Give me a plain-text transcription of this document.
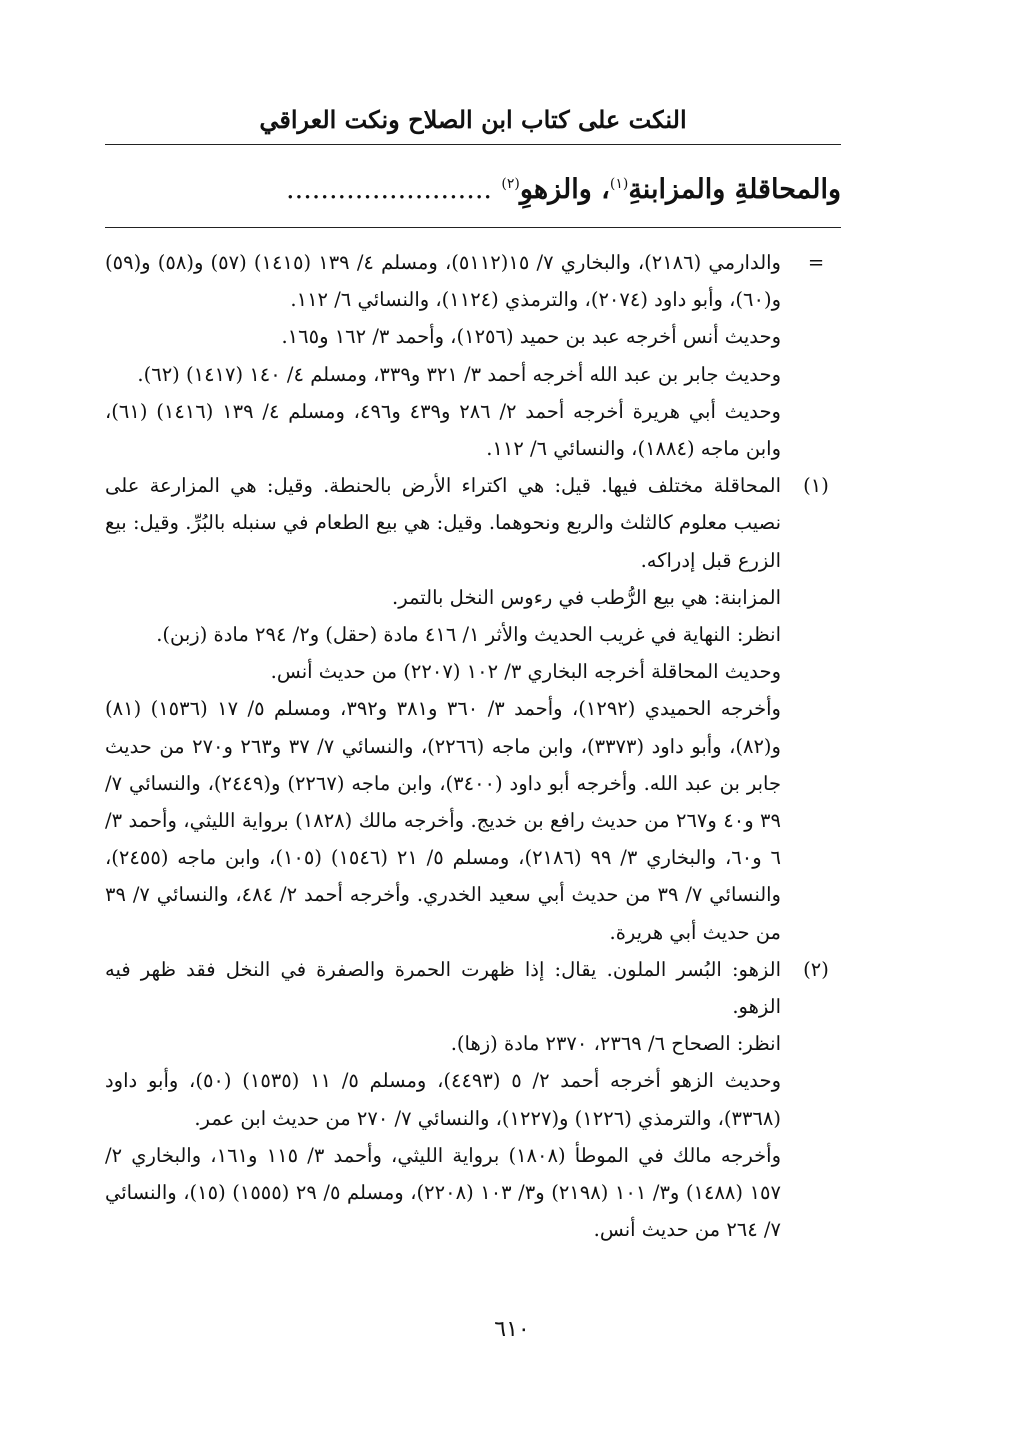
النكت على كتاب ابن الصلاح ونكت العراقي
والمحاقلةِ والمزابنةِ$^{(١)}$، والزهوِ$^{(٢)}$ ........................
=

والدارمي (٢١٨٦)، والبخاري ٧/ ١٥(٥١١٢)، ومسلم ٤/ ١٣٩ (١٤١٥) (٥٧) و(٥٨) و(٥٩) و(٦٠)، وأبو داود (٢٠٧٤)، والترمذي (١١٢٤)، والنسائي ٦/ ١١٢.

وحديث أنس أخرجه عبد بن حميد (١٢٥٦)، وأحمد ٣/ ١٦٢ و١٦٥.

وحديث جابر بن عبد الله أخرجه أحمد ٣/ ٣٢١ و٣٣٩، ومسلم ٤/ ١٤٠ (١٤١٧) (٦٢).

وحديث أبي هريرة أخرجه أحمد ٢/ ٢٨٦ و٤٣٩ و٤٩٦، ومسلم ٤/ ١٣٩ (١٤١٦) (٦١)، وابن ماجه (١٨٨٤)، والنسائي ٦/ ١١٢.

(١)

المحاقلة مختلف فيها. قيل: هي اكتراء الأرض بالحنطة. وقيل: هي المزارعة على نصيب معلوم كالثلث والربع ونحوهما. وقيل: هي بيع الطعام في سنبله بالبُرِّ. وقيل: بيع الزرع قبل إدراكه.

المزابنة: هي بيع الرُّطب في رءوس النخل بالتمر.

انظر: النهاية في غريب الحديث والأثر ١/ ٤١٦ مادة (حقل) و٢/ ٢٩٤ مادة (زبن).

وحديث المحاقلة أخرجه البخاري ٣/ ١٠٢ (٢٢٠٧) من حديث أنس.

وأخرجه الحميدي (١٢٩٢)، وأحمد ٣/ ٣٦٠ و٣٨١ و٣٩٢، ومسلم ٥/ ١٧ (١٥٣٦) (٨١) و(٨٢)، وأبو داود (٣٣٧٣)، وابن ماجه (٢٢٦٦)، والنسائي ٧/ ٣٧ و٢٦٣ و٢٧٠ من حديث جابر بن عبد الله. وأخرجه أبو داود (٣٤٠٠)، وابن ماجه (٢٢٦٧) و(٢٤٤٩)، والنسائي ٧/ ٣٩ و٤٠ و٢٦٧ من حديث رافع بن خديج. وأخرجه مالك (١٨٢٨) برواية الليثي، وأحمد ٣/ ٦ و٦٠، والبخاري ٣/ ٩٩ (٢١٨٦)، ومسلم ٥/ ٢١ (١٥٤٦) (١٠٥)، وابن ماجه (٢٤٥٥)، والنسائي ٧/ ٣٩ من حديث أبي سعيد الخدري. وأخرجه أحمد ٢/ ٤٨٤، والنسائي ٧/ ٣٩ من حديث أبي هريرة.

(٢)

الزهو: البُسر الملون. يقال: إذا ظهرت الحمرة والصفرة في النخل فقد ظهر فيه الزهو.

انظر: الصحاح ٦/ ٢٣٦٩، ٢٣٧٠ مادة (زها).

وحديث الزهو أخرجه أحمد ٢/ ٥ (٤٤٩٣)، ومسلم ٥/ ١١ (١٥٣٥) (٥٠)، وأبو داود (٣٣٦٨)، والترمذي (١٢٢٦) و(١٢٢٧)، والنسائي ٧/ ٢٧٠ من حديث ابن عمر.

وأخرجه مالك في الموطأ (١٨٠٨) برواية الليثي، وأحمد ٣/ ١١٥ و١٦١، والبخاري ٢/ ١٥٧ (١٤٨٨) و٣/ ١٠١ (٢١٩٨) و٣/ ١٠٣ (٢٢٠٨)، ومسلم ٥/ ٢٩ (١٥٥٥) (١٥)، والنسائي ٧/ ٢٦٤ من حديث أنس.

٦١٠
